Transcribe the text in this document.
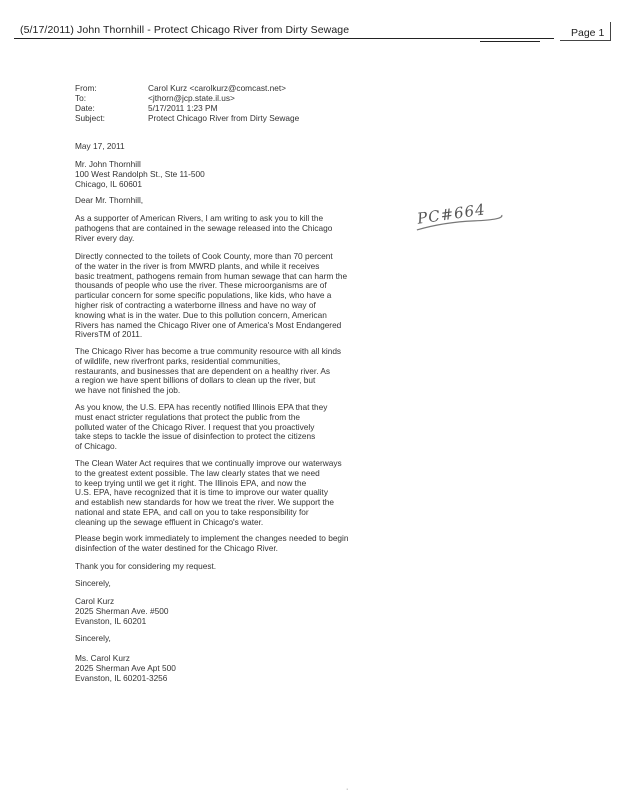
(5/17/2011) John Thornhill - Protect Chicago River from Dirty Sewage	Page 1
From:	Carol Kurz <carolkurz@comcast.net>
To:	<jthorn@jcp.state.il.us>
Date:	5/17/2011 1:23 PM
Subject:	Protect Chicago River from Dirty Sewage

May 17, 2011

Mr. John Thornhill

100 West Randolph St., Ste 11-500

Chicago, IL 60601

Dear Mr. Thornhill,

As a supporter of American Rivers, I am writing to ask you to kill the

pathogens that are contained in the sewage released into the Chicago

River every day.

Directly connected to the toilets of Cook County, more than 70 percent

of the water in the river is from MWRD plants, and while it receives

basic treatment, pathogens remain from human sewage that can harm the

thousands of people who use the river. These microorganisms are of

particular concern for some specific populations, like kids, who have a

higher risk of contracting a waterborne illness and have no way of

knowing what is in the water. Due to this pollution concern, American

Rivers has named the Chicago River one of America's Most Endangered

RiversTM of 2011.

The Chicago River has become a true community resource with all kinds

of wildlife, new riverfront parks, residential communities,

restaurants, and businesses that are dependent on a healthy river. As

a region we have spent billions of dollars to clean up the river, but

we have not finished the job.

As you know, the U.S. EPA has recently notified Illinois EPA that they

must enact stricter regulations that protect the public from the

polluted water of the Chicago River. I request that you proactively

take steps to tackle the issue of disinfection to protect the citizens

of Chicago.

The Clean Water Act requires that we continually improve our waterways

to the greatest extent possible. The law clearly states that we need

to keep trying until we get it right. The Illinois EPA, and now the

U.S. EPA, have recognized that it is time to improve our water quality

and establish new standards for how we treat the river. We support the

national and state EPA, and call on you to take responsibility for

cleaning up the sewage effluent in Chicago's water.

Please begin work immediately to implement the changes needed to begin

disinfection of the water destined for the Chicago River.

Thank you for considering my request.

Sincerely,

Carol Kurz

2025 Sherman Ave. #500

Evanston, IL 60201

Sincerely,

Ms. Carol Kurz

2025 Sherman Ave Apt 500

Evanston, IL 60201-3256

PC#664
·
